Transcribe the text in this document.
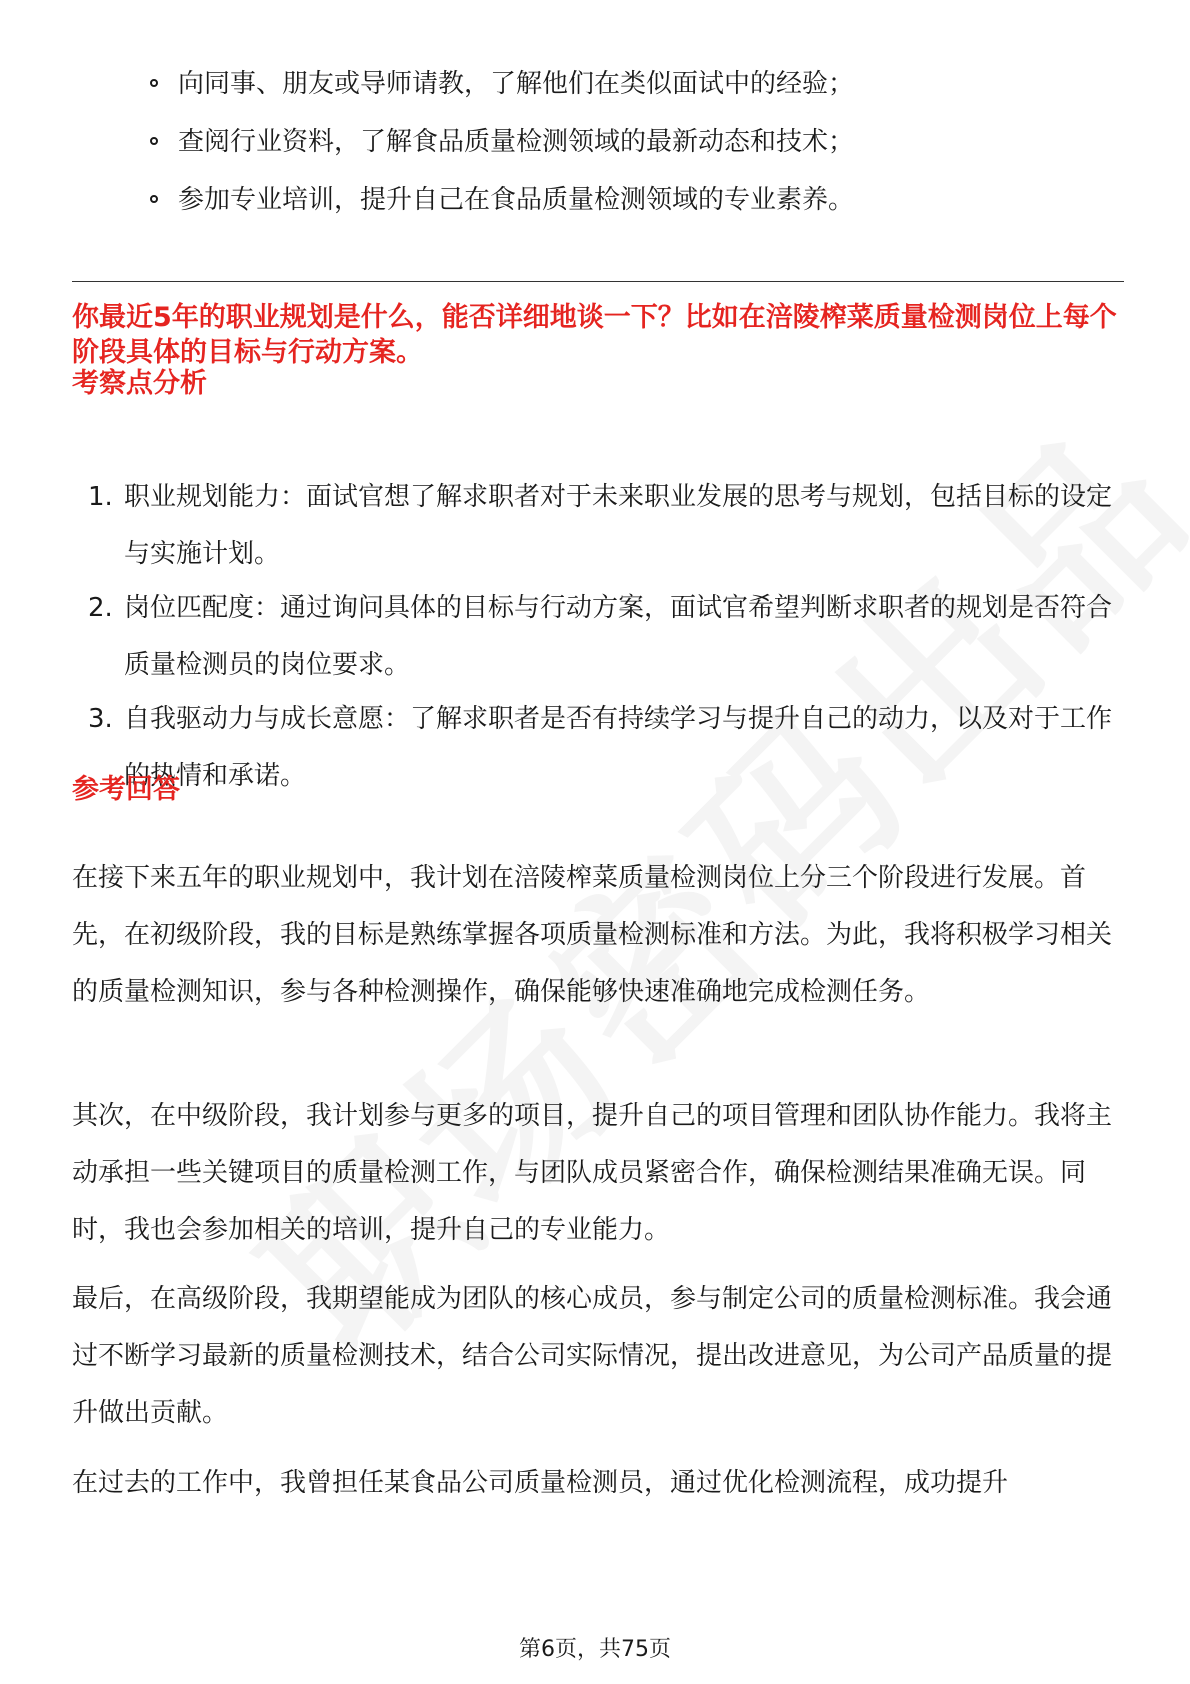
向同事、朋友或导师请教，了解他们在类似面试中的经验；
查阅行业资料，了解食品质量检测领域的最新动态和技术；
参加专业培训，提升自己在食品质量检测领域的专业素养。
你最近5年的职业规划是什么，能否详细地谈一下？比如在涪陵榨菜质量检测岗位上每个阶段具体的目标与行动方案。
考察点分析
1. 职业规划能力：面试官想了解求职者对于未来职业发展的思考与规划，包括目标的设定与实施计划。
2. 岗位匹配度：通过询问具体的目标与行动方案，面试官希望判断求职者的规划是否符合质量检测员的岗位要求。
3. 自我驱动力与成长意愿：了解求职者是否有持续学习与提升自己的动力，以及对于工作的热情和承诺。
参考回答

在接下来五年的职业规划中，我计划在涪陵榨菜质量检测岗位上分三个阶段进行发展。首先，在初级阶段，我的目标是熟练掌握各项质量检测标准和方法。为此，我将积极学习相关的质量检测知识，参与各种检测操作，确保能够快速准确地完成检测任务。

其次，在中级阶段，我计划参与更多的项目，提升自己的项目管理和团队协作能力。我将主动承担一些关键项目的质量检测工作，与团队成员紧密合作，确保检测结果准确无误。同时，我也会参加相关的培训，提升自己的专业能力。

最后，在高级阶段，我期望能成为团队的核心成员，参与制定公司的质量检测标准。我会通过不断学习最新的质量检测技术，结合公司实际情况，提出改进意见，为公司产品质量的提升做出贡献。

在过去的工作中，我曾担任某食品公司质量检测员，通过优化检测流程，成功提升

第6页，共75页
